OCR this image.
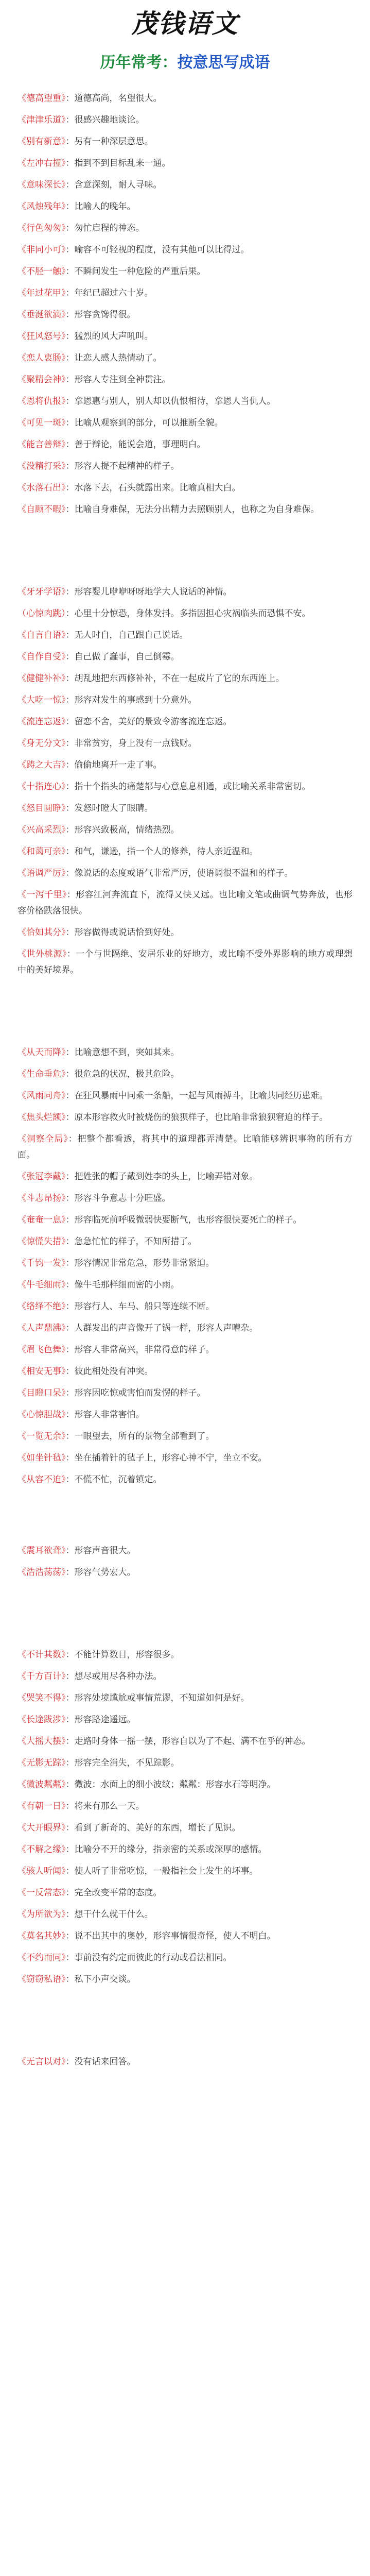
茂钱语文
历年常考：按意思写成语
《德高望重》：道德高尚，名望很大。
《津津乐道》：很感兴趣地谈论。
《别有新意》：另有一种深层意思。
《左冲右撞》：指到不到目标乱来一通。
《意味深长》：含意深刻，耐人寻味。
《风烛残年》：比喻人的晚年。
《行色匆匆》：匆忙启程的神态。
《非同小可》：喻容不可轻视的程度，没有其他可以比得过。
《不胫一触》：不瞬间发生一种危险的严重后果。
《年过花甲》：年纪已超过六十岁。
《垂涎欲滴》：形容贪馋得很。
《狂风怒号》：猛烈的风大声吼叫。
《恋人衷肠》：让恋人感人热情动了。
《聚精会神》：形容人专注到全神贯注。
《恩将仇报》：拿恩惠与别人，别人却以仇恨相待，拿恩人当仇人。
《可见一斑》：比喻从观察到的部分，可以推断全貌。
《能言善辩》：善于辩论，能说会道，事理明白。
《没精打采》：形容人提不起精神的样子。
《水落石出》：水落下去，石头就露出来。比喻真相大白。
《自顾不暇》：比喻自身难保，无法分出精力去照顾别人，也称之为自身难保。
《牙牙学语》：形容婴儿咿咿呀呀地学大人说话的神情。
（心惊肉跳）：心里十分惊恐，身体发抖。多指因担心灾祸临头而恐惧不安。
《自言自语》：无人时自，自己跟自己说话。
《自作自受》：自己做了蠢事，自己倒霉。
《健健补补》：胡乱地把东西修补补，不在一起成片了它的东西连上。
《大吃一惊》：形容对发生的事感到十分意外。
《流连忘返》：留恋不舍，美好的景致令游客流连忘返。
《身无分文》：非常贫穷，身上没有一点钱财。
《踌之大吉》：偷偷地离开一走了事。
《十指连心》：指十个指头的痛楚都与心意息息相通，或比喻关系非常密切。
《怒目圆睁》：发怒时瞪大了眼睛。
《兴高采烈》：形容兴致极高，情绪热烈。
《和蔼可亲》：和气，谦逊，指一个人的修养，待人亲近温和。
《语调严厉》：像说话的态度或语气非常严厉，使语调很不温和的样子。
《一泻千里》：形容江河奔流直下，流得又快又远。也比喻文笔或曲调气势奔放，也形容价格跌落很快。
《恰如其分》：形容做得或说话恰到好处。
《世外桃源》：一个与世隔绝、安居乐业的好地方，或比喻不受外界影响的地方或理想中的美好境界。
《从天而降》：比喻意想不到，突如其来。
《生命垂危》：很危急的状况，极其危险。
《风雨同舟》：在狂风暴雨中同乘一条船，一起与风雨搏斗，比喻共同经历患难。
《焦头烂额》：原本形容救火时被烧伤的狼狈样子，也比喻非常狼狈窘迫的样子。
《洞察全局》：把整个都看透，将其中的道理都弄清楚。比喻能够辨识事物的所有方面。
《张冠李戴》：把姓张的帽子戴到姓李的头上，比喻弄错对象。
《斗志昂扬》：形容斗争意志十分旺盛。
《奄奄一息》：形容临死前呼吸微弱快要断气，也形容很快要死亡的样子。
《惊慌失措》：急急忙忙的样子，不知所措了。
《千钧一发》：形容情况非常危急，形势非常紧迫。
《牛毛细雨》：像牛毛那样细而密的小雨。
《络绎不绝》：形容行人、车马、船只等连续不断。
《人声鼎沸》：人群发出的声音像开了锅一样，形容人声嘈杂。
《眉飞色舞》：形容人非常高兴，非常得意的样子。
《相安无事》：彼此相处没有冲突。
《目瞪口呆》：形容因吃惊或害怕而发愣的样子。
《心惊胆战》：形容人非常害怕。
《一览无余》：一眼望去，所有的景物全部看到了。
《如坐针毡》：坐在插着针的毡子上，形容心神不宁，坐立不安。
《从容不迫》：不慌不忙，沉着镇定。
《震耳欲聋》：形容声音很大。
《浩浩荡荡》：形容气势宏大。
《不计其数》：不能计算数目，形容很多。
《千方百计》：想尽或用尽各种办法。
《哭笑不得》：形容处境尴尬或事情荒谬，不知道如何是好。
《长途跋涉》：形容路途遥远。
《大摇大摆》：走路时身体一摇一摆，形容自以为了不起、满不在乎的神态。
《无影无踪》：形容完全消失，不见踪影。
《微波粼粼》：微波：水面上的细小波纹；粼粼：形容水石等明净。
《有朝一日》：将来有那么一天。
《大开眼界》：看到了新奇的、美好的东西，增长了见识。
《不解之缘》：比喻分不开的缘分，指亲密的关系或深厚的感情。
《骇人听闻》：使人听了非常吃惊，一般指社会上发生的坏事。
《一反常态》：完全改变平常的态度。
《为所欲为》：想干什么就干什么。
《莫名其妙》：说不出其中的奥妙，形容事情很奇怪，使人不明白。
《不约而同》：事前没有约定而彼此的行动或看法相同。
《窃窃私语》：私下小声交谈。
《无言以对》：没有话来回答。
